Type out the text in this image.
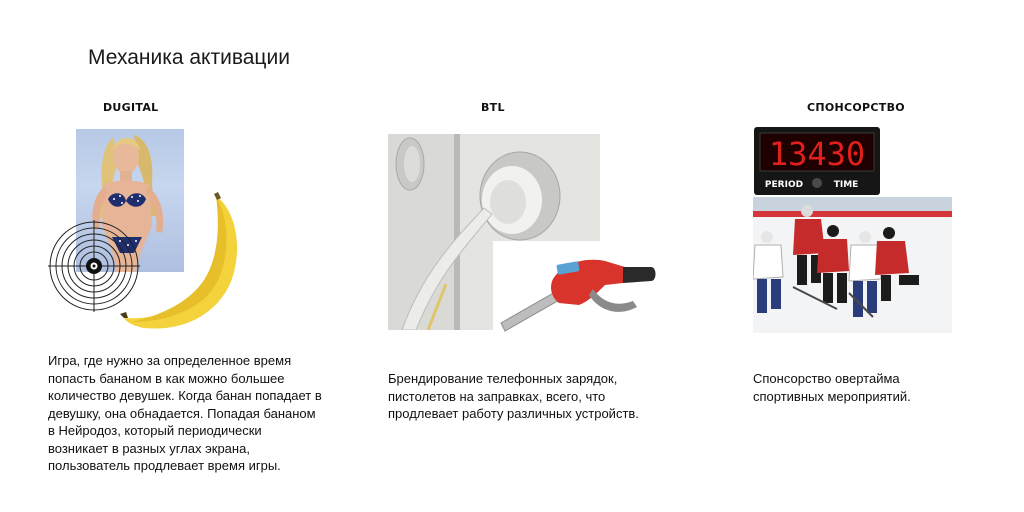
Механика активации
DUGITAL	BTL	СПОНСОРСТВО
13430
PERIOD	TIME
Игра, где нужно за определенное время
попасть бананом в как можно большее
количество девушек. Когда банан попадает в
девушку, она обнадается. Попадая бананом
в Нейродоз, который периодически
возникает в разных углах экрана,
пользователь продлевает время игры.
Брендирование телефонных зарядок,
пистолетов на заправках, всего, что
продлевает работу различных устройств.
Спонсорство овертайма
спортивных мероприятий.
